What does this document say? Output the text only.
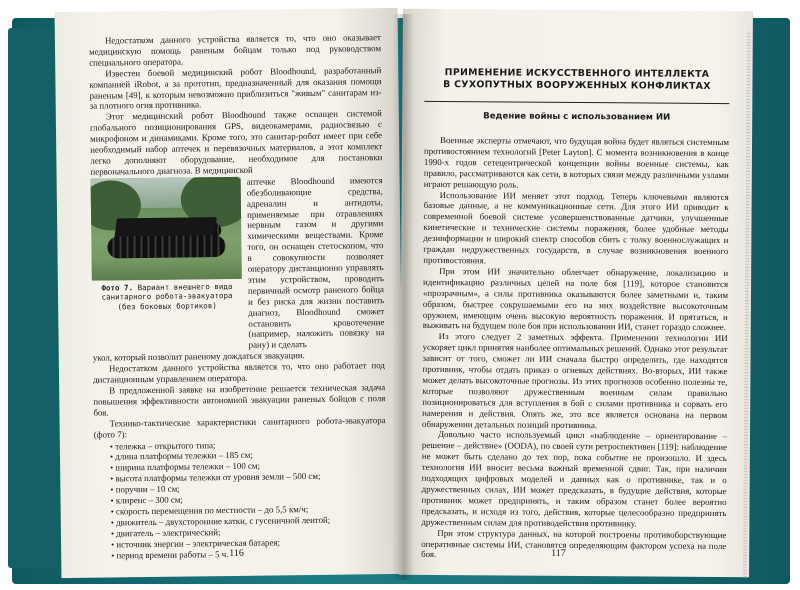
Недостатком данного устройства является то, что оно оказывает медицинскую помощь раненым бойцам только под руководством специального оператора.

Известен боевой медицинский робот Bloodhound, разработанный компанией iRobot, а за прототип, предназначенный для оказания помощи раненым [49], к которым невозможно приблизиться "живым" санитарам из-за плотного огня противника.

Этот медицинский робот Bloodhound также оснащен системой глобального позиционирования GPS, видеокамерами, радиосвязью с микрофоном и динамиками. Кроме того, это санитар-робот имеет при себе необходимый набор аптечек и перевязочных материалов, а этот комплект легко дополняют оборудование, необходимое для постановки первоначального диагноза. В медицинской

Фото 7. Вариант внешнего вида санитарного робота-эвакуатора (без боковых бортиков)
аптечке Bloodhound имеются обезболивающие средства, адреналин и антидоты, применяемые при отравлениях нервным газом и другими химическими веществами. Кроме того, он оснащен стетоскопом, что в совокупности позволяет оператору дистанционно управлять этим устройством, проводить первичный осмотр раненого бойца и без риска для жизни поставить диагноз, Bloodhound сможет остановить кровотечение (например, наложить повязку на рану) и сделать

укол, который позволит раненому дождаться эвакуации.

Недостатком данного устройства является то, что оно работает под дистанционным управлением оператора.

В предложенной заявке на изобретение решается техническая задача повышения эффективности автономной эвакуации раненых бойцов с поля боя.

Технико-тактические характеристики санитарного робота-эвакуатора (фото 7):

• тележка – открытого типа;
• длина платформы тележки – 185 см;
• ширина платформы тележки – 100 см;
• высота платформы тележки от уровня земли – 500 см;
• поручни – 10 см;
• клиренс – 300 см;
• скорость перемещения по местности – до 5,5 км/ч;
• движитель – двухсторонние катки, с гусеничной лентой;
• двигатель – электрический;
• источник энергии – электрическая батарея;
• период времени работы – 5 ч. 116
ПРИМЕНЕНИЕ ИСКУССТВЕННОГО ИНТЕЛЛЕКТА
В СУХОПУТНЫХ ВООРУЖЕННЫХ КОНФЛИКТАХ
Ведение войны с использованием ИИ

Военные эксперты отмечают, что будущая война будет являться системным противостоянием технологий [Peter Layton]. С момента возникновения в конце 1990-х годов сетецентрической концепции войны военные системы, как правило, рассматриваются как сети, в которых связи между различными узлами играют решающую роль.

Использование ИИ меняет этот подход. Теперь ключевыми являются базовые данные, а не коммуникационные сети. Для этого ИИ приводит к современной боевой системе усовершенствованные датчики, улучшенные кинетические и технические системы поражения, более удобные методы дезинформации и широкий спектр способов сбить с толку военнослужащих и граждан недружественных государств, в случае возникновения военного противостояния.

При этом ИИ значительно облегчает обнаружение, локализацию и идентификацию различных целей на поле боя [119], которое становится «прозрачным», а силы противника оказываются более заметными и, таким образом, быстрее сокрушаемыми его на них воздействие высокоточным оружием, имеющим очень высокую вероятность поражения. И прятаться, и выживать на будущем поле боя при использовании ИИ, станет гораздо сложнее.

Из этого следует 2 заметных эффекта. Применении технологии ИИ ускоряет цикл принятия наиболее оптимальных решений. Однако этот результат зависит от того, сможет ли ИИ сначала быстро определить, где находятся противник, чтобы отдать приказ о огневых действиях. Во-вторых, ИИ также может делать высокоточные прогнозы. Из этих прогнозов особенно полезны те, которые позволяют дружественным военным силам правильно позиционироваться для вступления в бой с силами противника и сорвать его намерения и действия. Опять же, это все является основана на первом обнаружении детальных позиций противника.

Довольно часто используемый цикл «наблюдение – ориентирование – решение – действие» (OODA), по своей сути ретроспективен [119]: наблюдение не может быть сделано до тех пор, пока событие не произошло. И здесь технология ИИ вносит весьма важный временной сдвиг. Так, при наличии подходящих цифровых моделей и данных как о противнике, так и о дружественных силах, ИИ может предсказать, в будущие действия, которые противник может предпринять, и таким образом станет более вероятно предсказать, и исходя из того, действия, которые целесообразно предпринять дружественным силам для противодействия противнику.

При этом структура данных, на которой построены противоборствующие оперативные системы ИИ, становятся определяющим фактором успеха на поле боя.	117
